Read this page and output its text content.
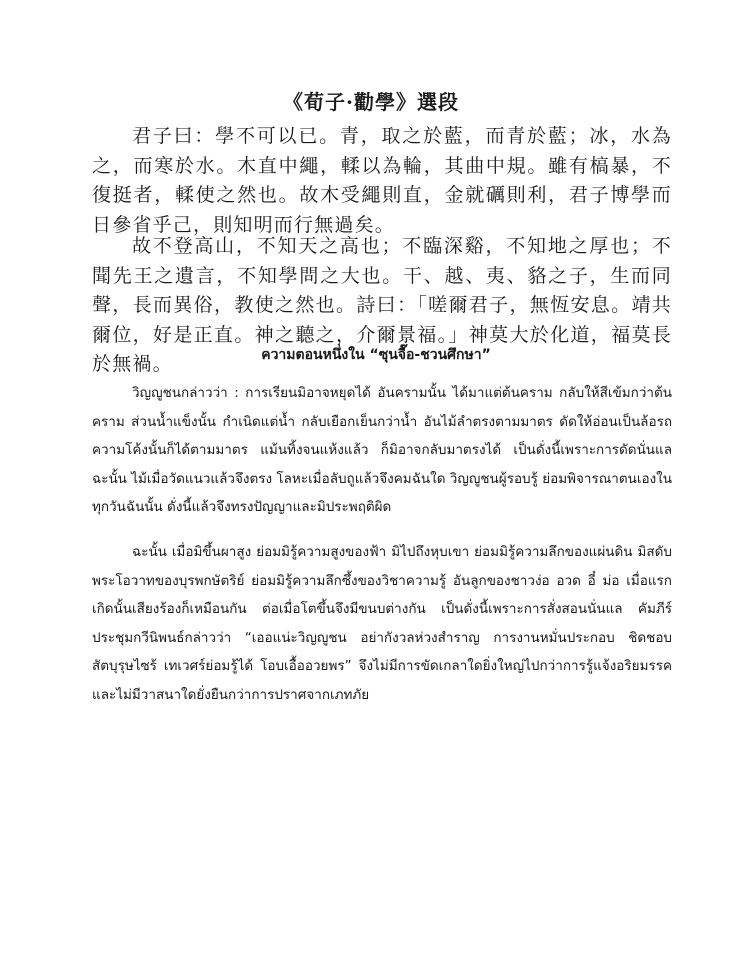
《荀子·勸學》選段

君子曰：學不可以已。青，取之於藍，而青於藍；冰，水為之，而寒於水。木直中繩，輮以為輪，其曲中規。雖有槁暴，不復挺者，輮使之然也。故木受繩則直，金就礪則利，君子博學而日參省乎己，則知明而行無過矣。

故不登高山，不知天之高也；不臨深谿，不知地之厚也；不聞先王之遺言，不知學問之大也。干、越、夷、貉之子，生而同聲，長而異俗，教使之然也。詩曰：「嗟爾君子，無恆安息。靖共爾位，好是正直。神之聽之，介爾景福。」神莫大於化道，福莫長於無禍。	ความตอนหนึ่งใน “ซุนจื๊อ-ชวนศึกษา”

วิญญูชนกล่าวว่า : การเรียนมิอาจหยุดได้ อันครามนั้น ได้มาแต่ต้นคราม กลับให้สีเข้มกว่าต้นคราม ส่วนน้ำแข็งนั้น กำเนิดแต่น้ำ กลับเยือกเย็นกว่าน้ำ อันไม้ลำตรงตามมาตร ดัดให้อ่อนเป็นล้อรถ ความโค้งนั้นก็ได้ตามมาตร แม้นทิ้งจนแห้งแล้ว ก็มิอาจกลับมาตรงได้ เป็นดั่งนี้เพราะการดัดนั่นแล ฉะนั้น ไม้เมื่อวัดแนวแล้วจึงตรง โลหะเมื่อลับถูแล้วจึงคมฉันใด วิญญูชนผู้รอบรู้ ย่อมพิจารณาตนเองในทุกวันฉันนั้น ดั่งนี้แล้วจึงทรงปัญญาและมิประพฤติผิด

ฉะนั้น เมื่อมิขึ้นผาสูง ย่อมมิรู้ความสูงของฟ้า มิไปถึงหุบเขา ย่อมมิรู้ความลึกของแผ่นดิน มิสดับพระโอวาทของบุรพกษัตริย์ ย่อมมิรู้ความลึกซึ้งของวิชาความรู้ อันลูกของชาวง่อ อวด อี๋ ม่อ เมื่อแรกเกิดนั้นเสียงร้องก็เหมือนกัน ต่อเมื่อโตขึ้นจึงมีขนบต่างกัน เป็นดั่งนี้เพราะการสั่งสอนนั่นแล คัมภีร์ประชุมกวีนิพนธ์กล่าวว่า “เออแน่ะวิญญูชน อย่ากังวลห่วงสำราญ การงานหมั่นประกอบ ชิดชอบสัตบุรุษไซร้ เทเวศร์ย่อมรู้ได้ โอบเอื้ออวยพร” จึงไม่มีการขัดเกลาใดยิ่งใหญ่ไปกว่าการรู้แจ้งอริยมรรค และไม่มีวาสนาใดยั่งยืนกว่าการปราศจากเภทภัย
